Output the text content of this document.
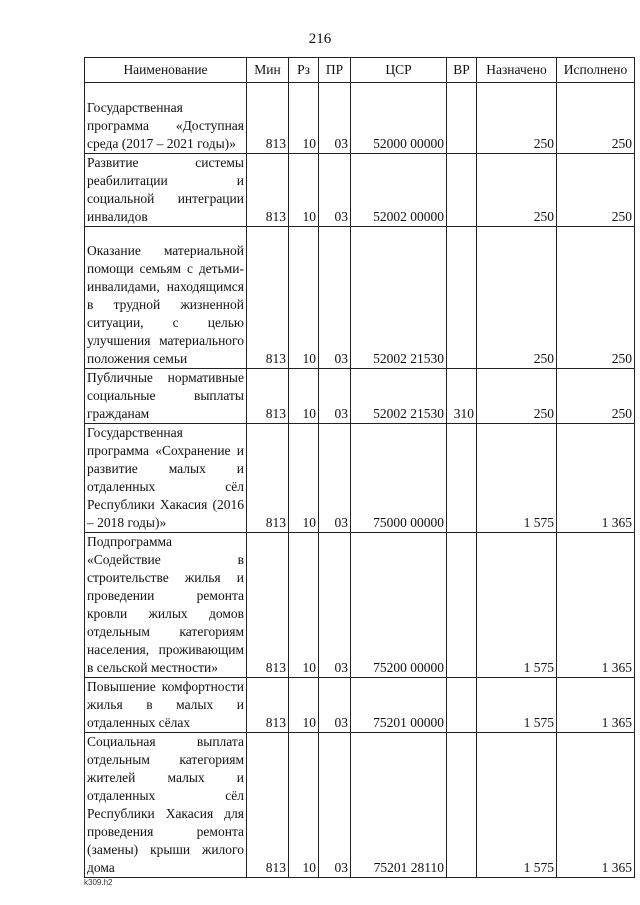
216
Наименование	Мин	Рз	ПР	ЦСР	ВР	Назначено	Исполнено
Государственная программа «Доступная среда (2017 – 2021 годы)»	813	10	03	52000 00000		250	250
Развитие системы реабилитации и социальной интеграции инвалидов	813	10	03	52002 00000		250	250
Оказание материальной помощи семьям с детьми-инвалидами, находящимся в трудной жизненной ситуации, с целью улучшения материального положения семьи	813	10	03	52002 21530		250	250
Публичные нормативные социальные выплаты гражданам	813	10	03	52002 21530	310	250	250
Государственная программа «Сохранение и развитие малых и отдаленных сёл Республики Хакасия (2016 – 2018 годы)»	813	10	03	75000 00000		1 575	1 365
Подпрограмма «Содействие в строительстве жилья и проведении ремонта кровли жилых домов отдельным категориям населения, проживающим в сельской местности»	813	10	03	75200 00000		1 575	1 365
Повышение комфортности жилья в малых и отдаленных сёлах	813	10	03	75201 00000		1 575	1 365
Социальная выплата отдельным категориям жителей малых и отдаленных сёл Республики Хакасия для проведения ремонта (замены) крыши жилого дома	813	10	03	75201 28110		1 575	1 365
k309.h2
